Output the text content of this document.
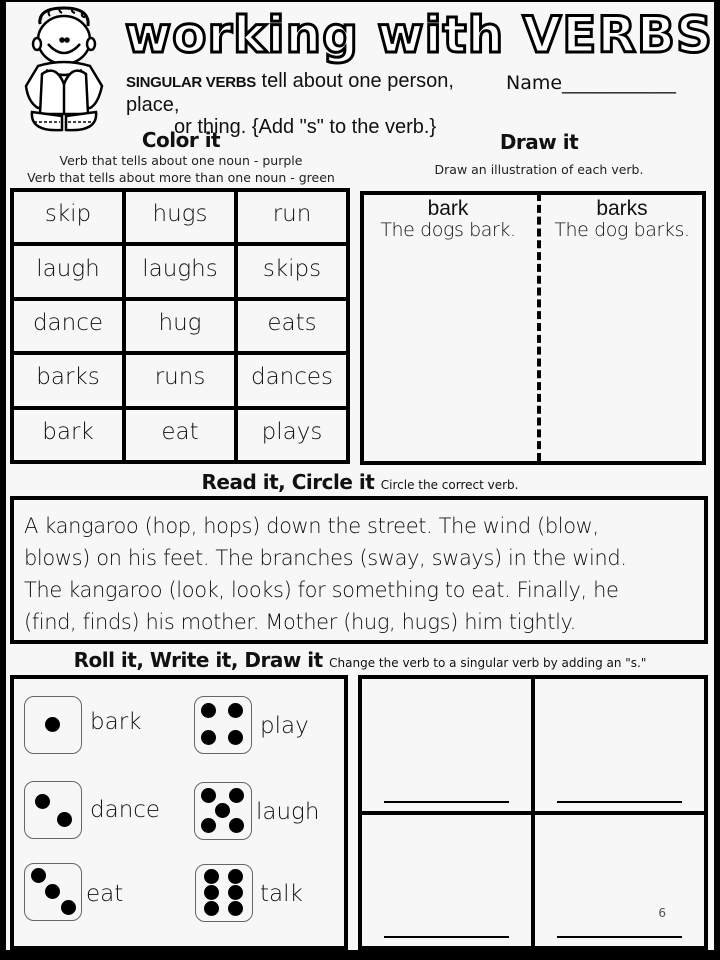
working with VERBS
SINGULAR VERBS tell about one person, place,
or thing. {Add "s" to the verb.}
Name____________
Color it
Verb that tells about one noun - purple
Verb that tells about more than one noun - green
skip	hugs	run
laugh	laughs	skips
dance	hug	eats
barks	runs	dances
bark	eat	plays
Draw it
Draw an illustration of each verb.
bark
The dogs bark.
barks
The dog barks.
Read it, Circle it Circle the correct verb.
A kangaroo (hop, hops) down the street. The wind (blow,
blows) on his feet. The branches (sway, sways) in the wind.
The kangaroo (look, looks) for something to eat. Finally, he
(find, finds) his mother. Mother (hug, hugs) him tightly.
Roll it, Write it, Draw it Change the verb to a singular verb by adding an "s."
bark
dance
eat
play
laugh
talk
6
